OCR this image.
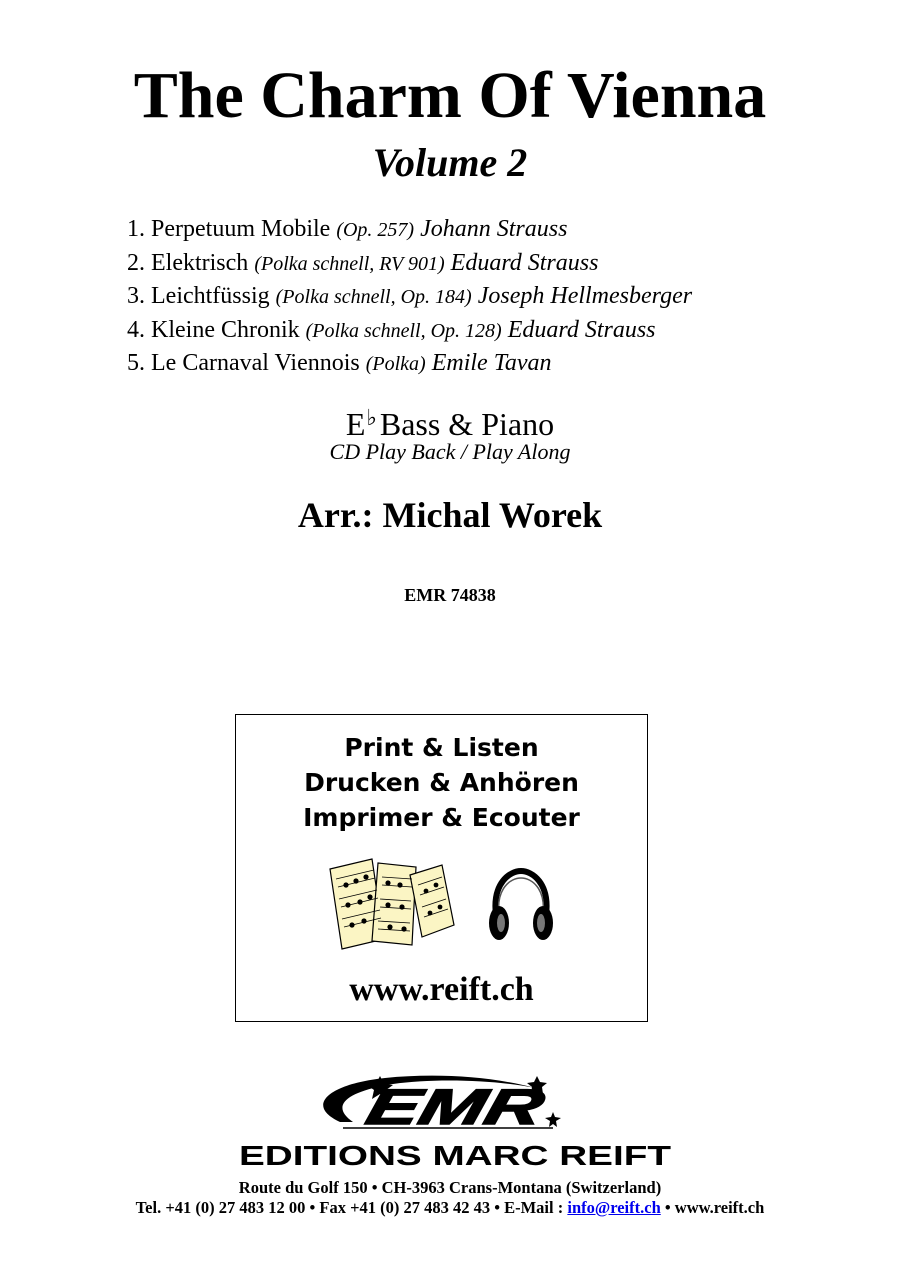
The Charm Of Vienna
Volume 2
1. Perpetuum Mobile (Op. 257) Johann Strauss
2. Elektrisch (Polka schnell, RV 901) Eduard Strauss
3. Leichtfüssig (Polka schnell, Op. 184) Joseph Hellmesberger
4. Kleine Chronik (Polka schnell, Op. 128) Eduard Strauss
5. Le Carnaval Viennois (Polka) Emile Tavan
E♭Bass & Piano
CD Play Back / Play Along
Arr.: Michal Worek
EMR 74838
Print & Listen
Drucken & Anhören
Imprimer & Ecouter
www.reift.ch
EMR
EDITIONS MARC REIFT
Route du Golf 150 • CH-3963 Crans-Montana (Switzerland)
Tel. +41 (0) 27 483 12 00 • Fax +41 (0) 27 483 42 43 • E-Mail : info@reift.ch • www.reift.ch
